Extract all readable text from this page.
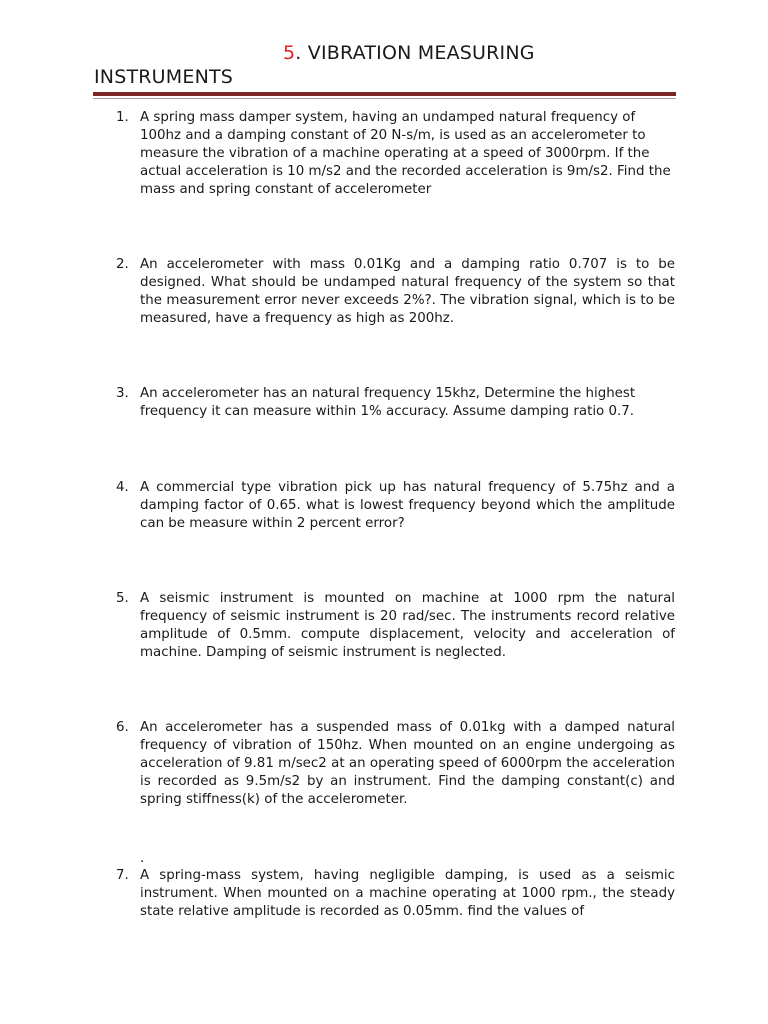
5. VIBRATION MEASURING
INSTRUMENTS
1. A spring mass damper system, having an undamped natural frequency of 100hz and a damping constant of 20 N-s/m, is used as an accelerometer to measure the vibration of a machine operating at a speed of 3000rpm. If the actual acceleration is 10 m/s2 and the recorded acceleration is 9m/s2. Find the mass and spring constant of accelerometer
2. An accelerometer with mass 0.01Kg and a damping ratio 0.707 is to be designed. What should be undamped natural frequency of the system so that the measurement error never exceeds 2%?. The vibration signal, which is to be measured, have a frequency as high as 200hz.
3. An accelerometer has an natural frequency 15khz, Determine the highest frequency it can measure within 1% accuracy. Assume damping ratio 0.7.
4. A commercial type vibration pick up has natural frequency of 5.75hz and a damping factor of 0.65. what is lowest frequency beyond which the amplitude can be measure within 2 percent error?
5. A seismic instrument is mounted on machine at 1000 rpm the natural frequency of seismic instrument is 20 rad/sec. The instruments record relative amplitude of 0.5mm. compute displacement, velocity and acceleration of machine. Damping of seismic instrument is neglected.
6. An accelerometer has a suspended mass of 0.01kg with a damped natural frequency of vibration of 150hz. When mounted on an engine undergoing as acceleration of 9.81 m/sec2 at an operating speed of 6000rpm the acceleration is recorded as 9.5m/s2 by an instrument. Find the damping constant(c) and spring stiffness(k) of the accelerometer.
.
7. A spring-mass system, having negligible damping, is used as a seismic instrument. When mounted on a machine operating at 1000 rpm., the steady state relative amplitude is recorded as 0.05mm. find the values of
